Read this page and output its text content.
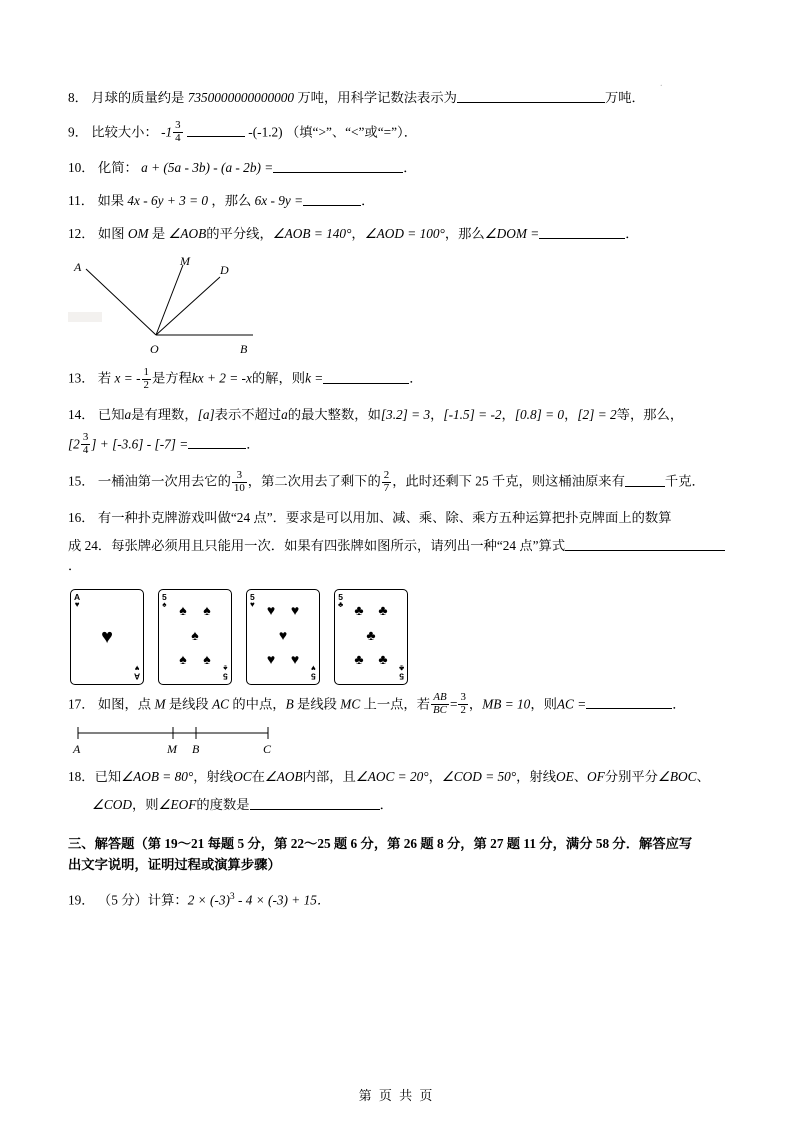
.
8． 月球的质量约是 7350000000000000 万吨，用科学记数法表示为	万吨．
9． 比较大小： $-1 \frac{3}{4}$	-(-1.2) （填“>”、“<”或“=”）．
10． 化简： a + (5a - 3b) - (a - 2b) =	．
11． 如果 4x - 6y + 3 = 0 ，那么 6x - 9y =	．
12． 如图 OM 是 ∠AOB的平分线，∠AOB = 140°，∠AOD = 100°，那么∠DOM =	．
A	M
D
O	B
13． 若 x = - $\frac{1}{2}$ 是方程kx + 2 = -x的解，则k =	．
14． 已知a是有理数，[a]表示不超过a的最大整数，如[3.2] = 3，[-1.5] = -2，[0.8] = 0，[2] = 2等，那么，
[$2 \frac{3}{4}$ ] + [-3.6] - [-7] =	．
15． 一桶油第一次用去它的 $\frac{3}{10}$ ，第二次用去了剩下的 $\frac{2}{7}$ ，此时还剩下 25 千克，则这桶油原来有	千克．
16． 有一种扑克牌游戏叫做“24 点”．要求是可以用加、减、乘、除、乘方五种运算把扑克牌面上的数算
成 24．每张牌必须用且只能用一次．如果有四张牌如图所示，请列出一种“24 点”算式．
A
♥
A
♥
♥
5
♠
5
♠
♠ ♠
♠
♠ ♠
5
♥
5
♥
♥ ♥
♥
♥ ♥
5
♣
5
♣
♣ ♣
♣
♣ ♣
17． 如图，点 M 是线段 AC 的中点，B 是线段 MC 上一点，若 $\frac{AB}{BC} = \frac{3}{2}$ ，MB = 10，则AC =	．
A	M B	C
18．已知∠AOB = 80°，射线OC在∠AOB内部，且∠AOC = 20°，∠COD = 50°，射线OE、OF分别平分∠BOC、
∠COD，则∠EOF的度数是	．
三、解答题（第 19～21 每题 5 分，第 22～25 题 6 分，第 26 题 8 分，第 27 题 11 分，满分 58 分．解答应写
出文字说明，证明过程或演算步骤）
19． （5 分）计算：$2 \times (-3)^3 - 4 \times (-3) + 15$．
第 页 共 页
